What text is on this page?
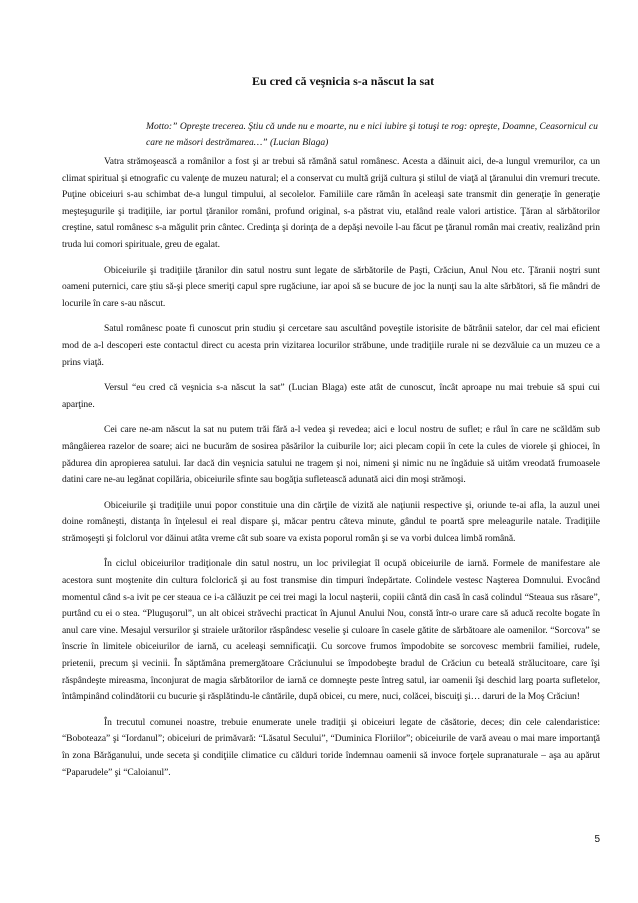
Eu cred că veşnicia s-a născut la sat
Motto:” Opreşte trecerea. Ştiu că unde nu e moarte, nu e nici iubire şi totuşi te rog: opreşte, Doamne, Ceasornicul cu care ne măsori destrămarea…” (Lucian Blaga)
Vatra strămoşească a românilor a fost şi ar trebui să rămână satul românesc. Acesta a dăinuit aici, de-a lungul vremurilor, ca un climat spiritual şi etnografic cu valenţe de muzeu natural; el a conservat cu multă grijă cultura şi stilul de viaţă al ţăranului din vremuri trecute. Puţine obiceiuri s-au schimbat de-a lungul timpului, al secolelor. Familiile care rămân în aceleaşi sate transmit din generaţie în generaţie meşteşugurile şi tradiţiile, iar portul ţăranilor români, profund original, s-a păstrat viu, etalând reale valori artistice. Ţăran al sărbătorilor creştine, satul românesc s-a măgulit prin cântec. Credinţa şi dorinţa de a depăşi nevoile l-au făcut pe ţăranul român mai creativ, realizând prin truda lui comori spirituale, greu de egalat.
Obiceiurile şi tradiţiile ţăranilor din satul nostru sunt legate de sărbătorile de Paşti, Crăciun, Anul Nou etc. Ţăranii noştri sunt oameni puternici, care ştiu să-şi plece smeriţi capul spre rugăciune, iar apoi să se bucure de joc la nunţi sau la alte sărbători, să fie mândri de locurile în care s-au născut.
Satul românesc poate fi cunoscut prin studiu şi cercetare sau ascultând poveştile istorisite de bătrânii satelor, dar cel mai eficient mod de a-l descoperi este contactul direct cu acesta prin vizitarea locurilor străbune, unde tradiţiile rurale ni se dezvăluie ca un muzeu ce a prins viaţă.
Versul “eu cred că veşnicia s-a născut la sat” (Lucian Blaga) este atât de cunoscut, încât aproape nu mai trebuie să spui cui aparţine.
Cei care ne-am născut la sat nu putem trăi fără a-l vedea şi revedea; aici e locul nostru de suflet; e râul în care ne scăldăm sub mângâierea razelor de soare; aici ne bucurăm de sosirea păsărilor la cuiburile lor; aici plecam copii în cete la cules de viorele şi ghiocei, în pădurea din apropierea satului. Iar dacă din veşnicia satului ne tragem şi noi, nimeni şi nimic nu ne îngăduie să uităm vreodată frumoasele datini care ne-au legănat copilăria, obiceiurile sfinte sau bogăţia sufletească adunată aici din moşi strămoşi.
Obiceiurile şi tradiţiile unui popor constituie una din cărţile de vizită ale naţiunii respective şi, oriunde te-ai afla, la auzul unei doine româneşti, distanţa în înţelesul ei real dispare şi, măcar pentru câteva minute, gândul te poartă spre meleagurile natale. Tradiţiile strămoşeşti şi folclorul vor dăinui atâta vreme cât sub soare va exista poporul român şi se va vorbi dulcea limbă română.
În ciclul obiceiurilor tradiţionale din satul nostru, un loc privilegiat îl ocupă obiceiurile de iarnă. Formele de manifestare ale acestora sunt moştenite din cultura folclorică şi au fost transmise din timpuri îndepărtate. Colindele vestesc Naşterea Domnului. Evocând momentul când s-a ivit pe cer steaua ce i-a călăuzit pe cei trei magi la locul naşterii, copiii cântă din casă în casă colindul “Steaua sus răsare”, purtând cu ei o stea. “Pluguşorul”, un alt obicei străvechi practicat în Ajunul Anului Nou, constă într-o urare care să aducă recolte bogate în anul care vine. Mesajul versurilor şi straiele urătorilor răspândesc veselie şi culoare în casele gătite de sărbătoare ale oamenilor. “Sorcova” se înscrie în limitele obiceiurilor de iarnă, cu aceleaşi semnificaţii. Cu sorcove frumos împodobite se sorcovesc membrii familiei, rudele, prietenii, precum şi vecinii. În săptămâna premergătoare Crăciunului se împodobeşte bradul de Crăciun cu beteală strălucitoare, care îşi răspândeşte mireasma, înconjurat de magia sărbătorilor de iarnă ce domneşte peste întreg satul, iar oamenii îşi deschid larg poarta sufletelor, întâmpinând colindătorii cu bucurie şi răsplătindu-le cântările, după obicei, cu mere, nuci, colăcei, biscuiţi şi… daruri de la Moş Crăciun!
În trecutul comunei noastre, trebuie enumerate unele tradiţii şi obiceiuri legate de căsătorie, deces; din cele calendaristice: “Boboteaza” şi “Iordanul”; obiceiuri de primăvară: “Lăsatul Secului”, “Duminica Floriilor”; obiceiurile de vară aveau o mai mare importanţă în zona Bărăganului, unde seceta şi condiţiile climatice cu călduri toride îndemnau oamenii să invoce forţele supranaturale – aşa au apărut “Paparudele” şi “Caloianul”.
5
